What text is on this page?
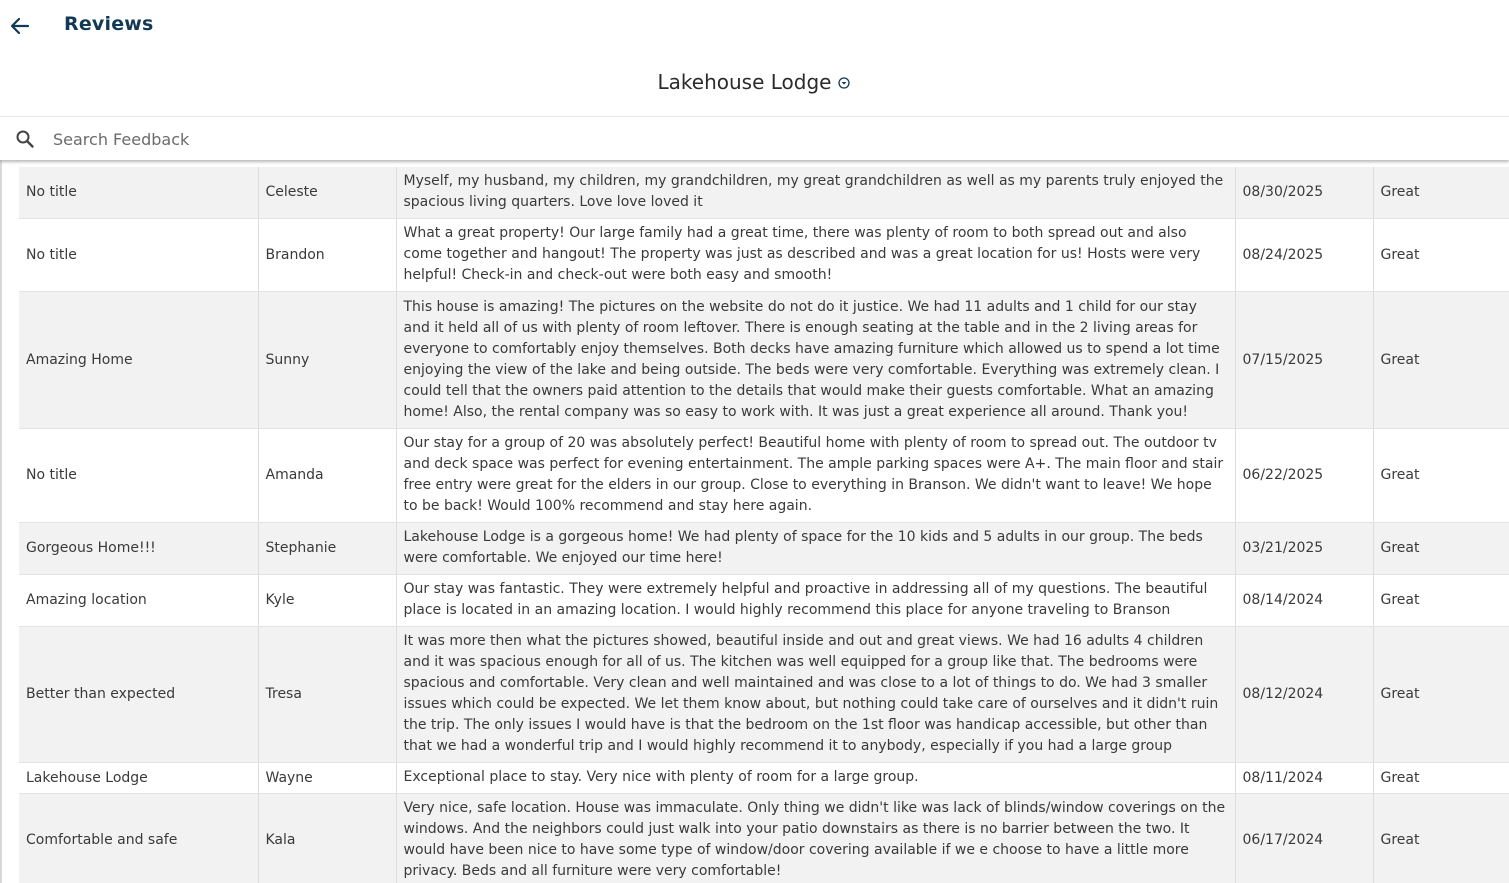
Reviews
Lakehouse Lodge
Search Feedback
No title	Celeste	Myself, my husband, my children, my grandchildren, my great grandchildren as well as my parents truly enjoyed the spacious living quarters. Love love loved it	08/30/2025	Great
No title	Brandon	What a great property! Our large family had a great time, there was plenty of room to both spread out and also come together and hangout! The property was just as described and was a great location for us! Hosts were very helpful! Check-in and check-out were both easy and smooth!	08/24/2025	Great
Amazing Home	Sunny	This house is amazing! The pictures on the website do not do it justice. We had 11 adults and 1 child for our stay and it held all of us with plenty of room leftover. There is enough seating at the table and in the 2 living areas for everyone to comfortably enjoy themselves. Both decks have amazing furniture which allowed us to spend a lot time enjoying the view of the lake and being outside. The beds were very comfortable. Everything was extremely clean. I could tell that the owners paid attention to the details that would make their guests comfortable. What an amazing home! Also, the rental company was so easy to work with. It was just a great experience all around. Thank you!	07/15/2025	Great
No title	Amanda	Our stay for a group of 20 was absolutely perfect! Beautiful home with plenty of room to spread out. The outdoor tv and deck space was perfect for evening entertainment. The ample parking spaces were A+. The main floor and stair free entry were great for the elders in our group. Close to everything in Branson. We didn't want to leave! We hope to be back! Would 100% recommend and stay here again.	06/22/2025	Great
Gorgeous Home!!!	Stephanie	Lakehouse Lodge is a gorgeous home! We had plenty of space for the 10 kids and 5 adults in our group. The beds were comfortable. We enjoyed our time here!	03/21/2025	Great
Amazing location	Kyle	Our stay was fantastic. They were extremely helpful and proactive in addressing all of my questions. The beautiful place is located in an amazing location. I would highly recommend this place for anyone traveling to Branson	08/14/2024	Great
Better than expected	Tresa	It was more then what the pictures showed, beautiful inside and out and great views. We had 16 adults 4 children and it was spacious enough for all of us. The kitchen was well equipped for a group like that. The bedrooms were spacious and comfortable. Very clean and well maintained and was close to a lot of things to do. We had 3 smaller issues which could be expected. We let them know about, but nothing could take care of ourselves and it didn't ruin the trip. The only issues I would have is that the bedroom on the 1st floor was handicap accessible, but other than that we had a wonderful trip and I would highly recommend it to anybody, especially if you had a large group	08/12/2024	Great
Lakehouse Lodge	Wayne	Exceptional place to stay. Very nice with plenty of room for a large group.	08/11/2024	Great
Comfortable and safe	Kala	Very nice, safe location. House was immaculate. Only thing we didn't like was lack of blinds/window coverings on the windows. And the neighbors could just walk into your patio downstairs as there is no barrier between the two. It would have been nice to have some type of window/door covering available if we e choose to have a little more privacy. Beds and all furniture were very comfortable!	06/17/2024	Great
